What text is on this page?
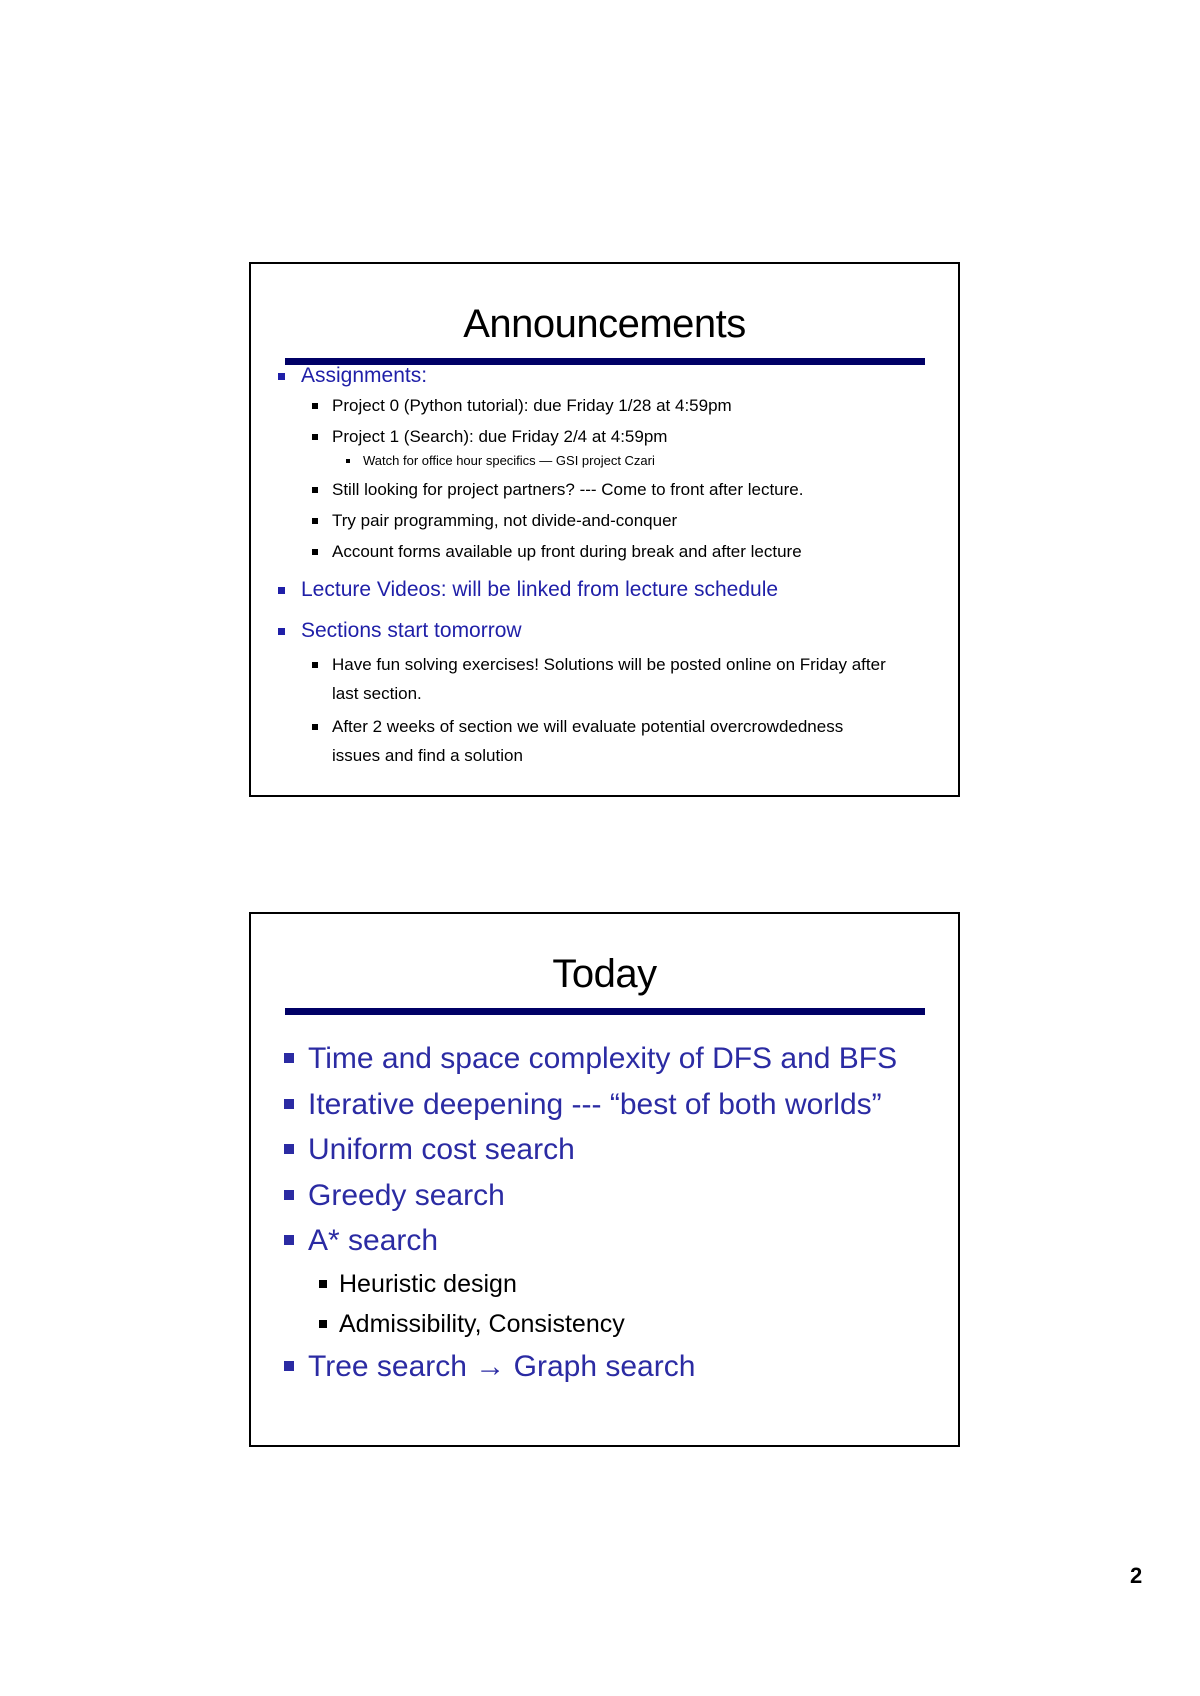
Announcements
Assignments:
Project 0 (Python tutorial): due Friday 1/28 at 4:59pm
Project 1 (Search): due Friday 2/4 at 4:59pm
Watch for office hour specifics — GSI project Czari
Still looking for project partners? --- Come to front after lecture.
Try pair programming, not divide-and-conquer
Account forms available up front during break and after lecture
Lecture Videos: will be linked from lecture schedule
Sections start tomorrow
Have fun solving exercises! Solutions will be posted online on Friday after last section.
After 2 weeks of section we will evaluate potential overcrowdedness issues and find a solution
Today
Time and space complexity of DFS and BFS
Iterative deepening --- “best of both worlds”
Uniform cost search
Greedy search
A* search
Heuristic design
Admissibility, Consistency
Tree search → Graph search
2
